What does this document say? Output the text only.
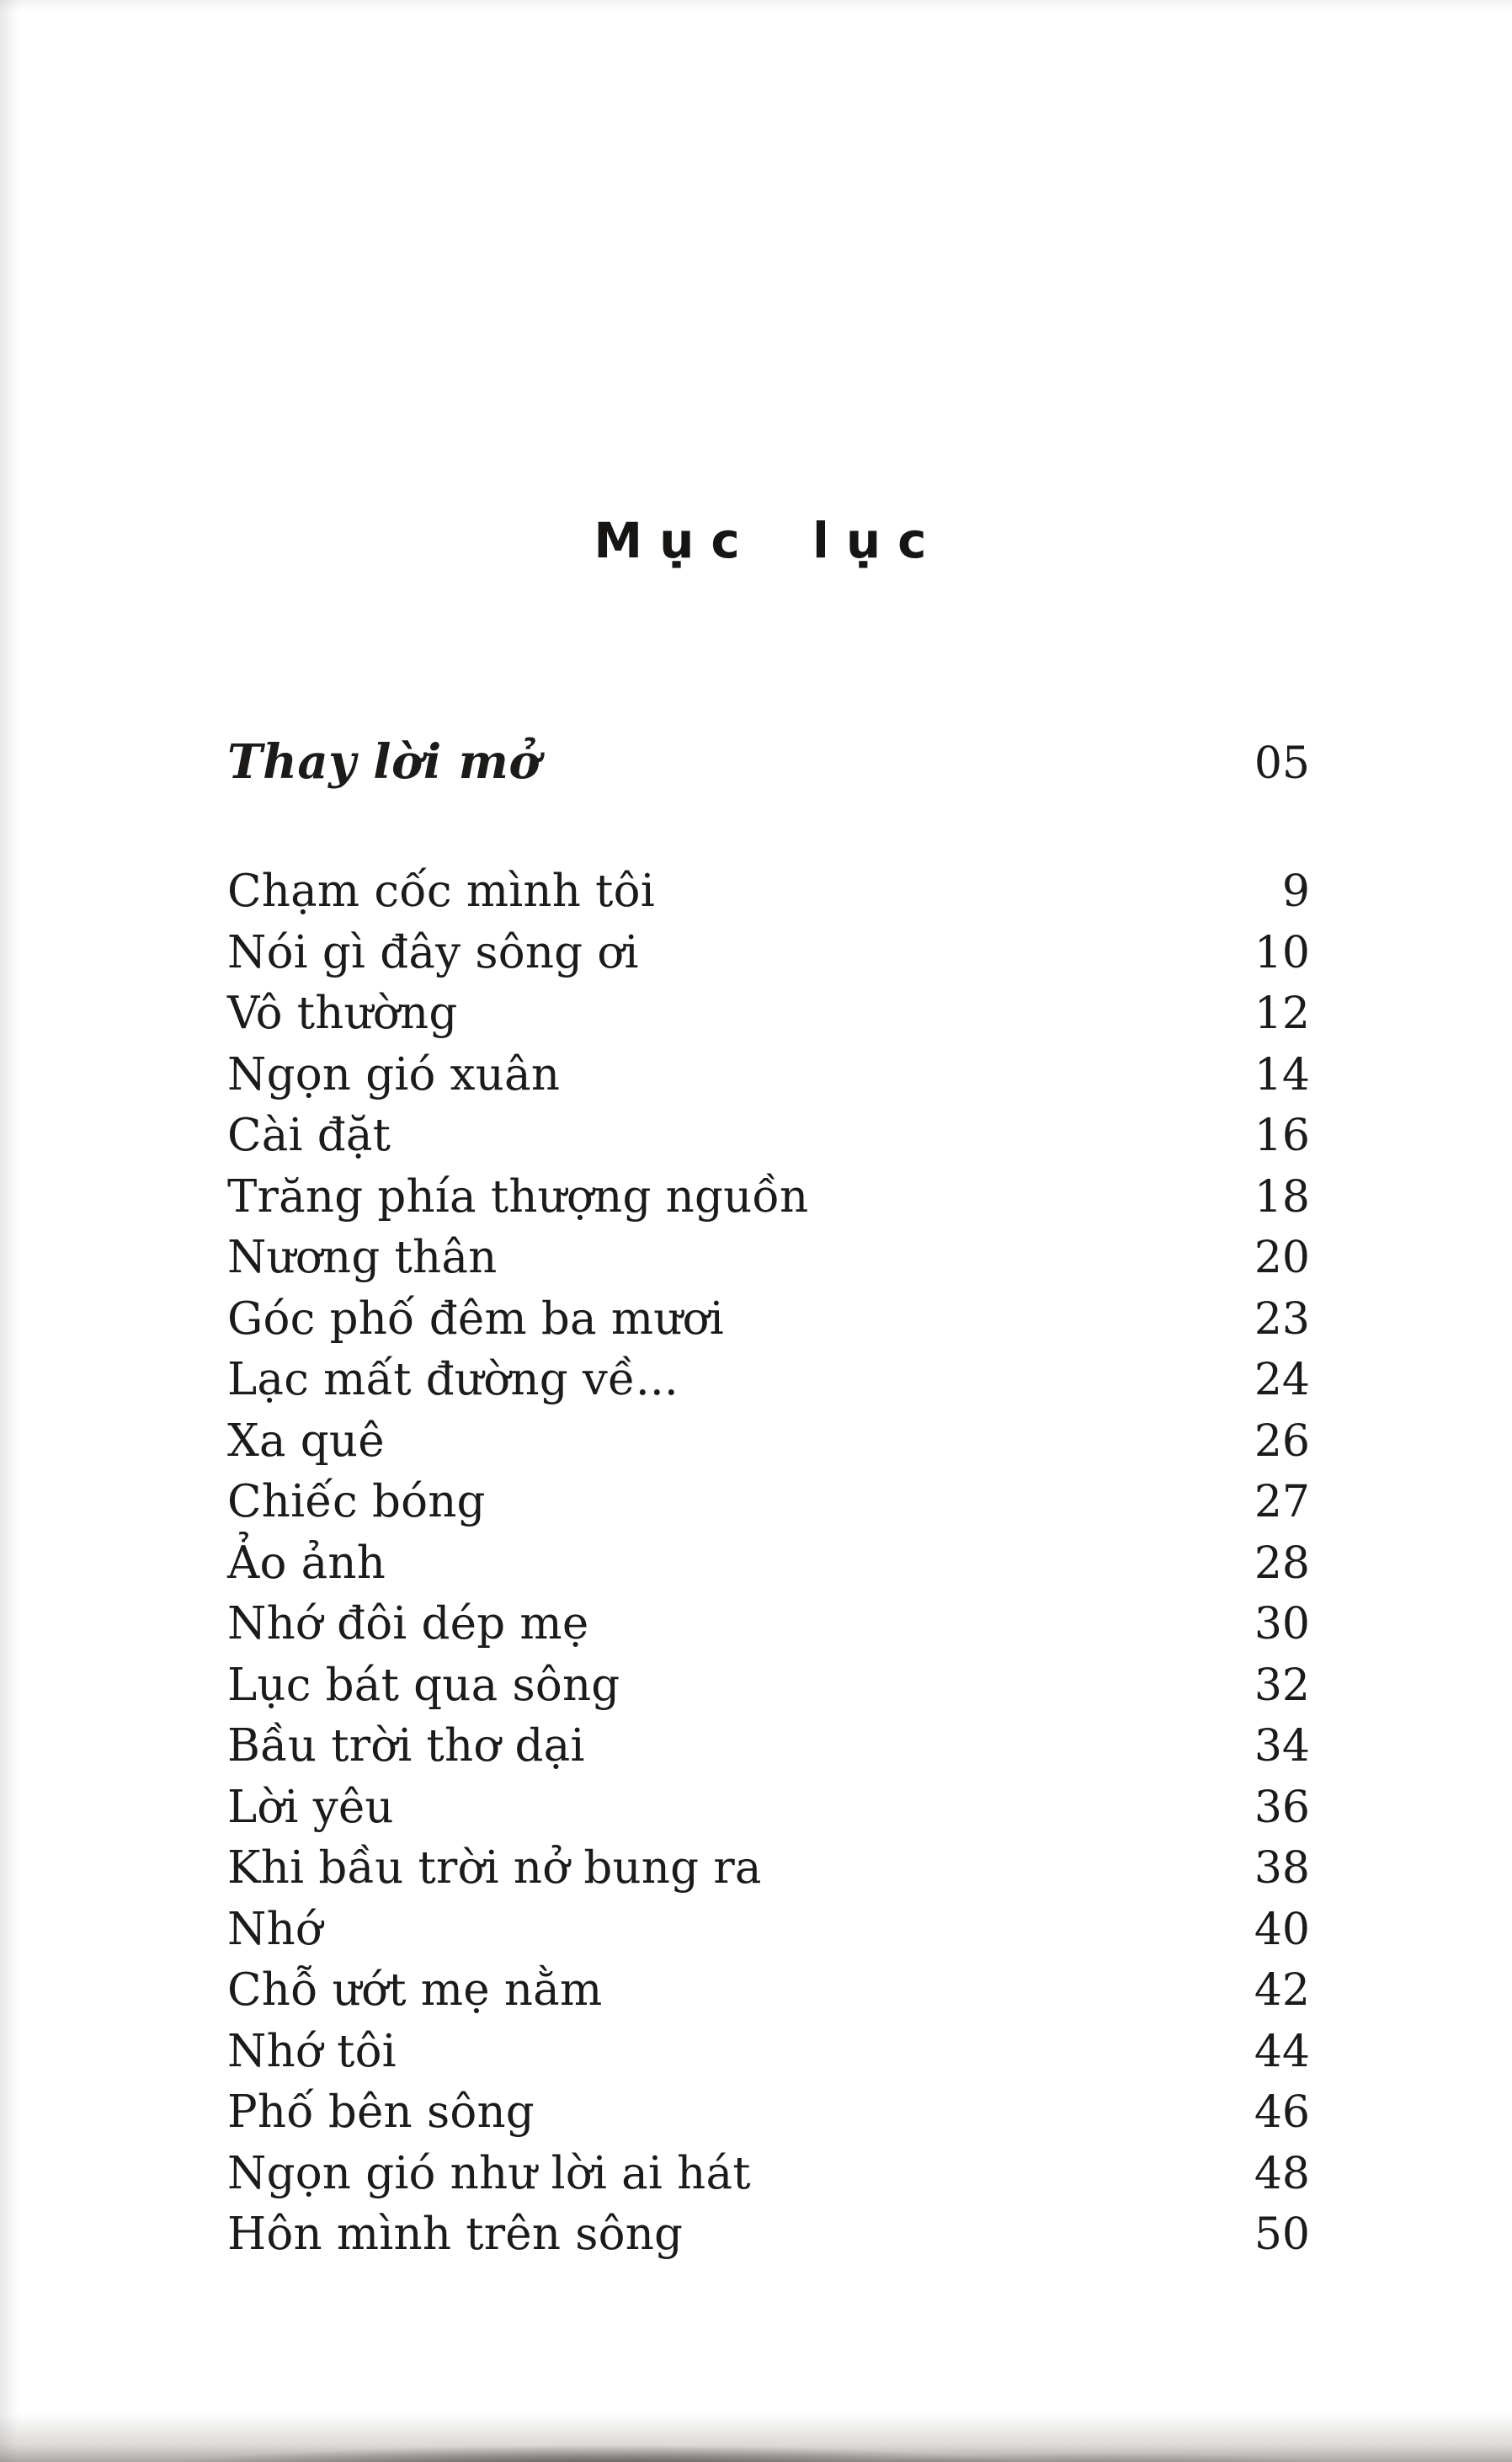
Mục lục
Thay lời mở	05
Chạm cốc mình tôi	9
Nói gì đây sông ơi	10
Vô thường	12
Ngọn gió xuân	14
Cài đặt	16
Trăng phía thượng nguồn	18
Nương thân	20
Góc phố đêm ba mươi	23
Lạc mất đường về...	24
Xa quê	26
Chiếc bóng	27
Ảo ảnh	28
Nhớ đôi dép mẹ	30
Lục bát qua sông	32
Bầu trời thơ dại	34
Lời yêu	36
Khi bầu trời nở bung ra	38
Nhớ	40
Chỗ ướt mẹ nằm	42
Nhớ tôi	44
Phố bên sông	46
Ngọn gió như lời ai hát	48
Hôn mình trên sông	50
